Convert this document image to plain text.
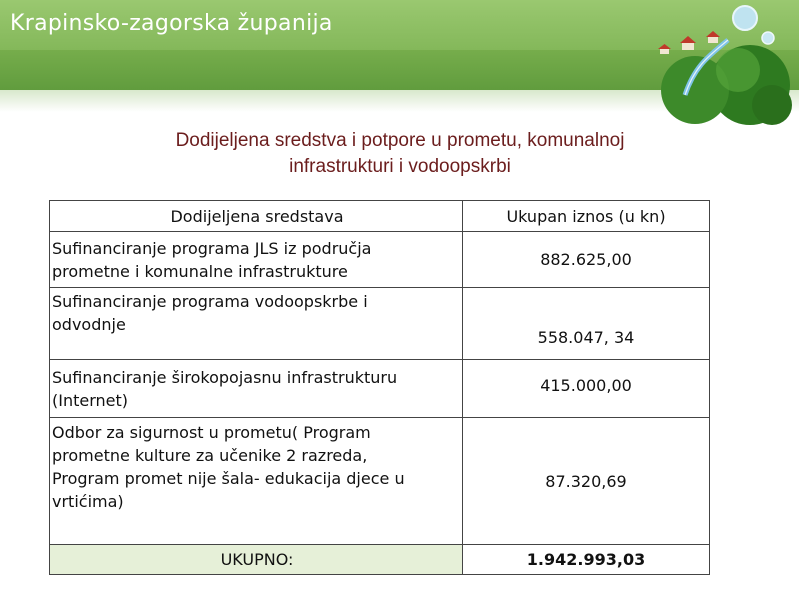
Krapinsko-zagorska županija
Dodijeljena sredstva i potpore u prometu, komunalnoj
infrastrukturi i vodoopskrbi
Dodijeljena sredstava	Ukupan iznos (u kn)

Sufinanciranje programa JLS iz područja
prometne i komunalne infrastrukture	882.625,00

Sufinanciranje programa vodoopskrbe i
odvodnje	558.047, 34

Sufinanciranje širokopojasnu infrastrukturu
(Internet)	415.000,00

Odbor za sigurnost u prometu( Program
prometne kulture za učenike 2 razreda,
Program promet nije šala- edukacija djece u
vrtićima)	87.320,69
UKUPNO:	1.942.993,03
